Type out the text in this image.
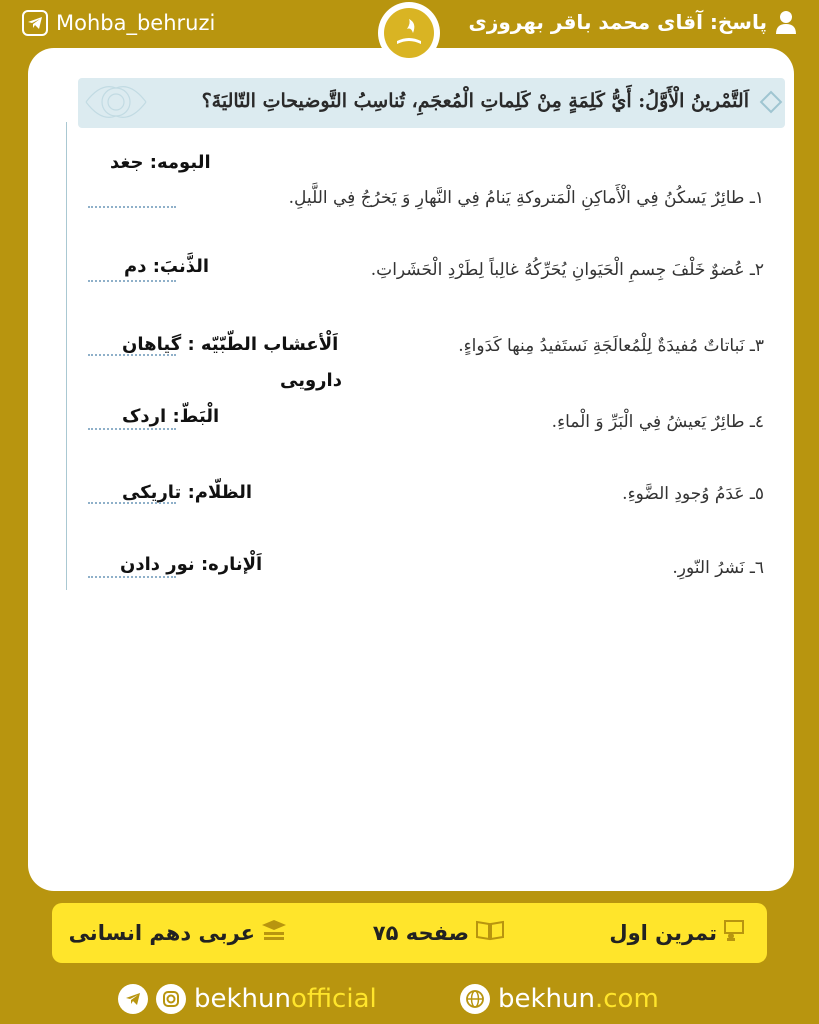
Mohba_behruzi	پاسخ: آقای محمد باقر بهروزی
اَلتَّمْرينُ الْأَوَّلُ: أَيُّ كَلِمَةٍ مِنْ كَلِماتِ الْمُعجَمِ، تُناسِبُ التَّوضيحاتِ التّاليَةَ؟
البومه: جغد
۱ـ طائِرٌ يَسكُنُ فِي الْأَماكِنِ الْمَتروكةِ يَنامُ فِي النَّهارِ وَ يَخرُجُ فِي اللَّيلِ.
۲ـ عُضوٌ خَلْفَ جِسمِ الْحَيَوانِ يُحَرِّكُهُ غالِباً لِطَرْدِ الْحَشَراتِ.
الذَّنبَ: دم
۳ـ نَباتاتٌ مُفيدَةٌ لِلْمُعالَجَةِ نَستَفيدُ مِنها كَدَواءٍ.
اَلْأعشاب الطّبّیّه : گیاهان
دارویی
٤ـ طائِرٌ يَعيشُ فِي الْبَرِّ وَ الْماءِ.
الْبَطّ: اردک
٥ـ عَدَمُ وُجودِ الضَّوءِ.
الظلّام: تاریکی
٦ـ نَشرُ النّورِ.
اَلْإناره: نور دادن
تمرین اول
صفحه ۷۵
عربی دهم انسانی
bekhunofficial	bekhun.com
